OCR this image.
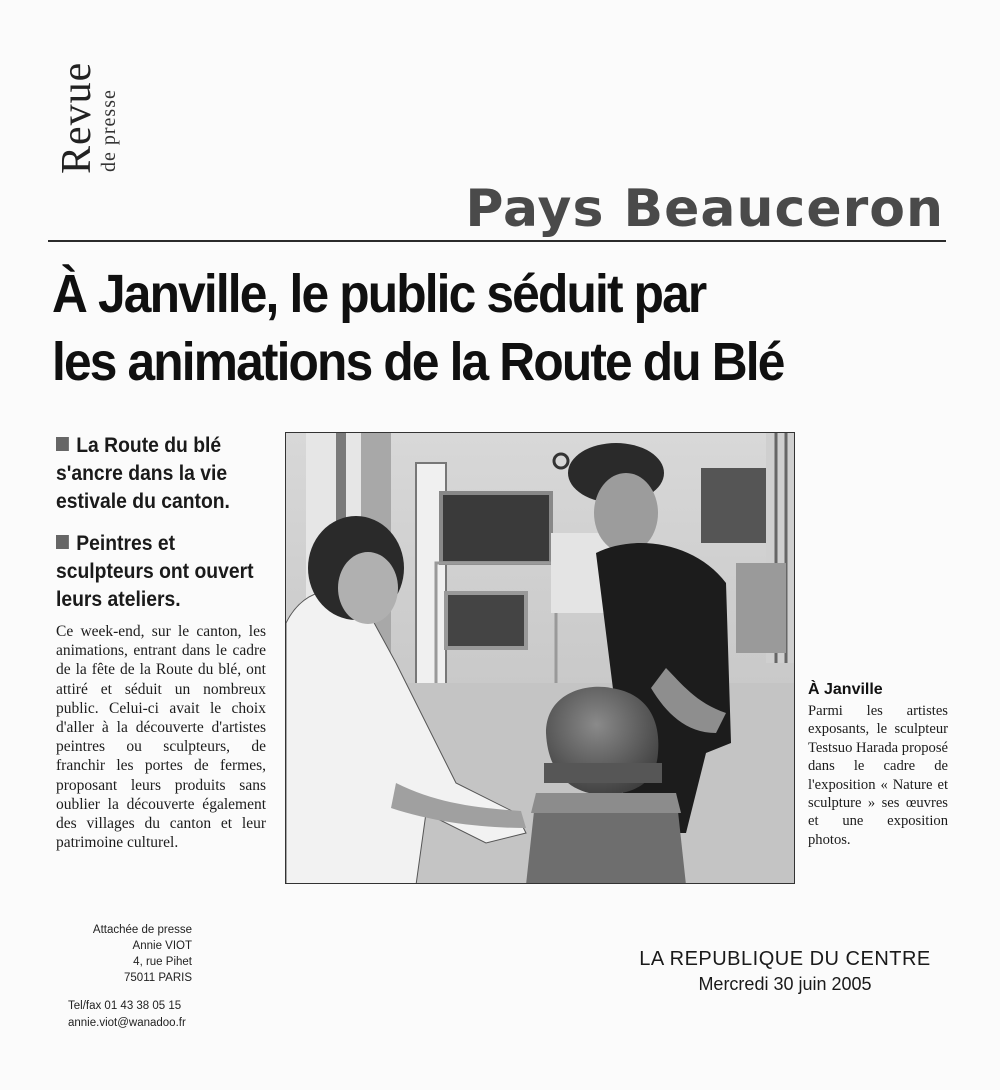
Revue
de presse
Pays Beauceron
À Janville, le public séduit par
les animations de la Route du Blé
La Route du blé s'ancre dans la vie estivale du canton.
Peintres et sculpteurs ont ouvert leurs ateliers.
Ce week-end, sur le canton, les animations, entrant dans le cadre de la fête de la Route du blé, ont attiré et séduit un nombreux public. Celui-ci avait le choix d'aller à la découverte d'artistes peintres ou sculpteurs, de franchir les portes de fermes, proposant leurs produits sans oublier la découverte également des villages du canton et leur patrimoine culturel.
À Janville
Parmi les artistes exposants, le sculpteur Testsuo Harada proposé dans le cadre de l'exposition « Nature et sculpture » ses œuvres et une exposition photos.
Attachée de presse
Annie VIOT
4, rue Pihet
75011 PARIS
Tel/fax 01 43 38 05 15
annie.viot@wanadoo.fr
LA REPUBLIQUE DU CENTRE
Mercredi 30 juin 2005
